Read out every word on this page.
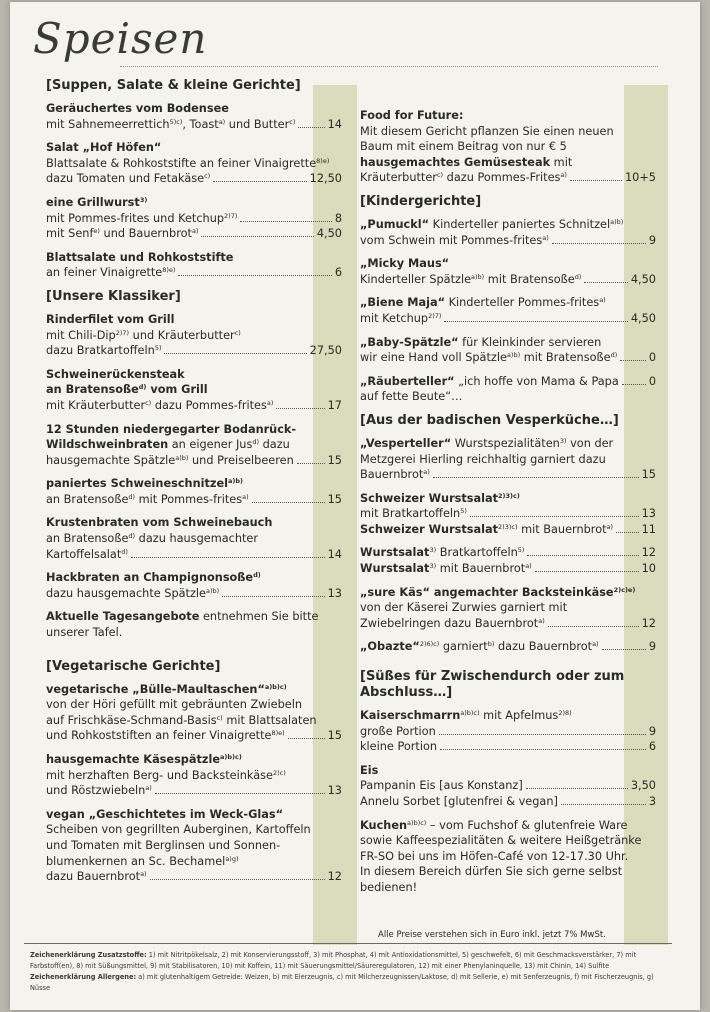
Speisen
[Suppen, Salate & kleine Gerichte]
Geräuchertes vom Bodensee
mit Sahnemeerrettich$^{5)c)}$, Toast$^{a)}$ und Butter$^{c)}$	14
Salat „Hof Höfen“
Blattsalate & Rohkoststifte an feiner Vinaigrette$^{8)e)}$
dazu Tomaten und Fetakäse$^{c)}$	12,50
eine Grillwurst$^{3)}$
mit Pommes-frites und Ketchup$^{2)7)}$	8
mit Senf$^{e)}$ und Bauernbrot$^{a)}$	4,50
Blattsalate und Rohkoststifte
an feiner Vinaigrette$^{8)e)}$	6
[Unsere Klassiker]
Rinderfilet vom Grill
mit Chili-Dip$^{2)7)}$ und Kräuterbutter$^{c)}$
dazu Bratkartoffeln$^{5)}$	27,50
Schweinerückensteak
an Bratensoße$^{d)}$ vom Grill
mit Kräuterbutter$^{c)}$ dazu Pommes-frites$^{a)}$	17
12 Stunden niedergegarter Bodanrück-
Wildschweinbraten an eigener Jus$^{d)}$ dazu
hausgemachte Spätzle$^{a)b)}$ und Preiselbeeren	15
paniertes Schweineschnitzel$^{a)b)}$
an Bratensoße$^{d)}$ mit Pommes-frites$^{a)}$	15
Krustenbraten vom Schweinebauch
an Bratensoße$^{d)}$ dazu hausgemachter
Kartoffelsalat$^{d)}$	14
Hackbraten an Champignonsoße$^{d)}$
dazu hausgemachte Spätzle$^{a)b)}$	13
Aktuelle Tagesangebote entnehmen Sie bitte
unserer Tafel.
[Vegetarische Gerichte]
vegetarische „Bülle-Maultaschen“$^{a)b)c)}$
von der Höri gefüllt mit gebräunten Zwiebeln
auf Frischkäse-Schmand-Basis$^{c)}$ mit Blattsalaten
und Rohkoststiften an feiner Vinaigrette$^{8)e)}$	15
hausgemachte Käsespätzle$^{a)b)c)}$
mit herzhaften Berg- und Backsteinkäse$^{2)c)}$
und Röstzwiebeln$^{a)}$	13
vegan „Geschichtetes im Weck-Glas“
Scheiben von gegrillten Auberginen, Kartoffeln
und Tomaten mit Berglinsen und Sonnen-
blumenkernen an Sc. Bechamel$^{a)g)}$
dazu Bauernbrot$^{a)}$	12
Food for Future:
Mit diesem Gericht pflanzen Sie einen neuen
Baum mit einem Beitrag von nur € 5
hausgemachtes Gemüsesteak mit
Kräuterbutter$^{c)}$ dazu Pommes-Frites$^{a)}$	10+5
[Kindergerichte]
„Pumuckl“ Kinderteller paniertes Schnitzel$^{a)b)}$
vom Schwein mit Pommes-frites$^{a)}$	9
„Micky Maus“
Kinderteller Spätzle$^{a)b)}$ mit Bratensoße$^{d)}$	4,50
„Biene Maja“ Kinderteller Pommes-frites$^{a)}$
mit Ketchup$^{2)7)}$	4,50
„Baby-Spätzle“ für Kleinkinder servieren
wir eine Hand voll Spätzle$^{a)b)}$ mit Bratensoße$^{d)}$	0
„Räuberteller“ „ich hoffe von Mama & Papa	0
auf fette Beute“…
[Aus der badischen Vesperküche…]
„Vesperteller“ Wurstspezialitäten$^{3)}$ von der
Metzgerei Hierling reichhaltig garniert dazu
Bauernbrot$^{a)}$	15
Schweizer Wurstsalat$^{2)3)c)}$
mit Bratkartoffeln$^{5)}$	13
Schweizer Wurstsalat$^{2)3)c)}$ mit Bauernbrot$^{a)}$	11
Wurstsalat$^{3)}$ Bratkartoffeln$^{5)}$	12
Wurstsalat$^{3)}$ mit Bauernbrot$^{a)}$	10
„sure Käs“ angemachter Backsteinkäse$^{2)c)e)}$
von der Käserei Zurwies garniert mit
Zwiebelringen dazu Bauernbrot$^{a)}$	12
„Obazte“$^{2)6)c)}$ garniert$^{b)}$ dazu Bauernbrot$^{a)}$	9
[Süßes für Zwischendurch oder zum Abschluss…]
Kaiserschmarrn$^{a)b)c)}$ mit Apfelmus$^{2)8)}$
große Portion	9
kleine Portion	6
Eis
Pampanin Eis [aus Konstanz]	3,50
Annelu Sorbet [glutenfrei & vegan]	3
Kuchen$^{a)b)c)}$ – vom Fuchshof & glutenfreie Ware
sowie Kaffeespezialitäten & weitere Heißgetränke
FR-SO bei uns im Höfen-Café von 12-17.30 Uhr.
In diesem Bereich dürfen Sie sich gerne selbst
bedienen!
Alle Preise verstehen sich in Euro inkl. jetzt 7% MwSt.
Zeichenerklärung Zusatzstoffe: 1) mit Nitritpökelsalz, 2) mit Konservierungsstoff, 3) mit Phosphat, 4) mit Antioxidationsmittel, 5) geschwefelt, 6) mit Geschmacksverstärker, 7) mit Farbstoff(en), 8) mit Süßungsmittel, 9) mit Stabilisatoren, 10) mit Koffein, 11) mit Säuerungsmittel/Säureregulatoren, 12) mit einer Phenylaninquelle, 13) mit Chinin, 14) Sulfite
Zeichenerklärung Allergene: a) mit glutenhaltigem Getreide: Weizen, b) mit Eierzeugnis, c) mit Milcherzeugnissen/Laktose, d) mit Sellerie, e) mit Senferzeugnis, f) mit Fischerzeugnis, g) Nüsse
